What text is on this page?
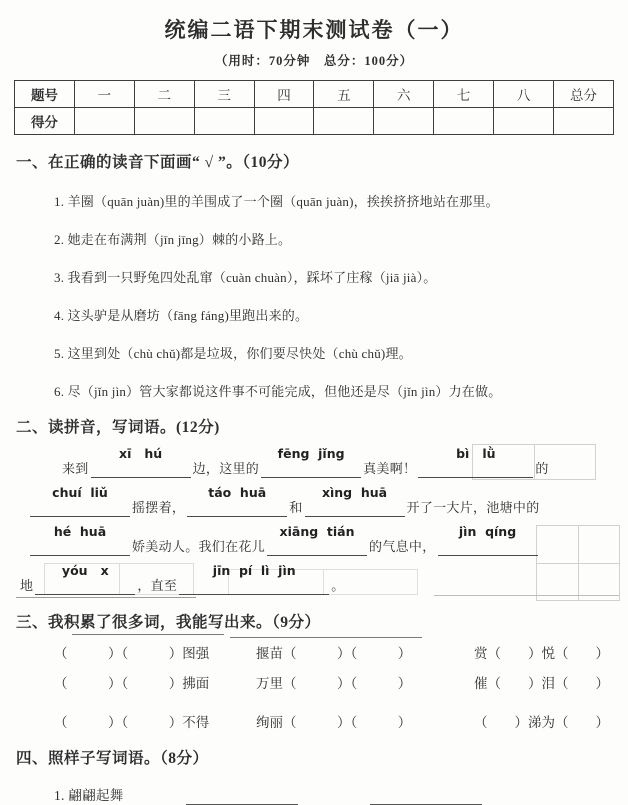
统编二语下期末测试卷（一）
（用时：70分钟　总分：100分）
题号	一	二	三	四	五	六	七	八	总分
得分									
一、在正确的读音下面画“ √ ”。（10分）
1. 羊圈（quān juàn)里的羊围成了一个圈（quān juàn)，挨挨挤挤地站在那里。
2. 她走在布满荆（jīn jīng）棘的小路上。
3. 我看到一只野兔四处乱窜（cuàn chuàn），踩坏了庄稼（jiā jià）。
4. 这头驴是从磨坊（fāng fáng)里跑出来的。
5. 这里到处（chù chǔ)都是垃圾，你们要尽快处（chù chǔ)理。
6. 尽（jǐn jìn）管大家都说这件事不可能完成，但他还是尽（jǐn jìn）力在做。
二、读拼音，写词语。(12分)
来到
xī   hú
边，这里的
fēng  jǐng
真美啊！
bì   lǜ
的
chuí  liǔ
摇摆着，
táo  huā
和
xìng  huā
开了一大片，池塘中的
hé  huā
娇美动人。我们在花儿
xiāng  tián
的气息中，
jìn  qíng
地
yóu   x
，直至
jīn  pí  lì  jìn
。
三、我积累了很多词，我能写出来。（9分）
（　　　）（　　　）图强	揠苗（　　　）（　　　）	赏（　　）悦（　　）
（　　　）（　　　）拂面	万里（　　　）（　　　）	催（　　）泪（　　）
（　　　）（　　　）不得	绚丽（　　　）（　　　）	（　　）涕为（　　）
四、照样子写词语。（8分）
1. 翩翩起舞
